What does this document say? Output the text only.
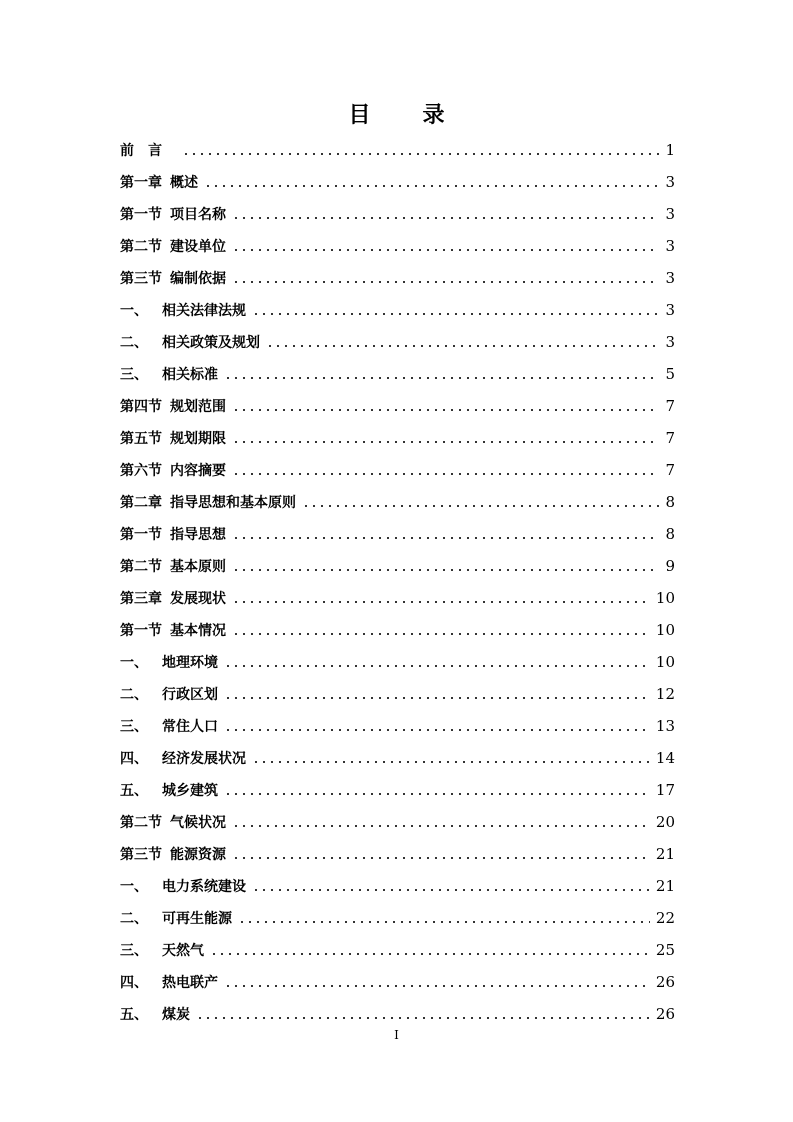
目录
前言	1
第一章 概述	3
第一节 项目名称	3
第二节 建设单位	3
第三节 编制依据	3
一、 相关法律法规	3
二、 相关政策及规划	3
三、 相关标准	5
第四节 规划范围	7
第五节 规划期限	7
第六节 内容摘要	7
第二章 指导思想和基本原则	8
第一节 指导思想	8
第二节 基本原则	9
第三章 发展现状	10
第一节 基本情况	10
一、 地理环境	10
二、 行政区划	12
三、 常住人口	13
四、 经济发展状况	14
五、 城乡建筑	17
第二节 气候状况	20
第三节 能源资源	21
一、 电力系统建设	21
二、 可再生能源	22
三、 天然气	25
四、 热电联产	26
五、 煤炭	26
I
